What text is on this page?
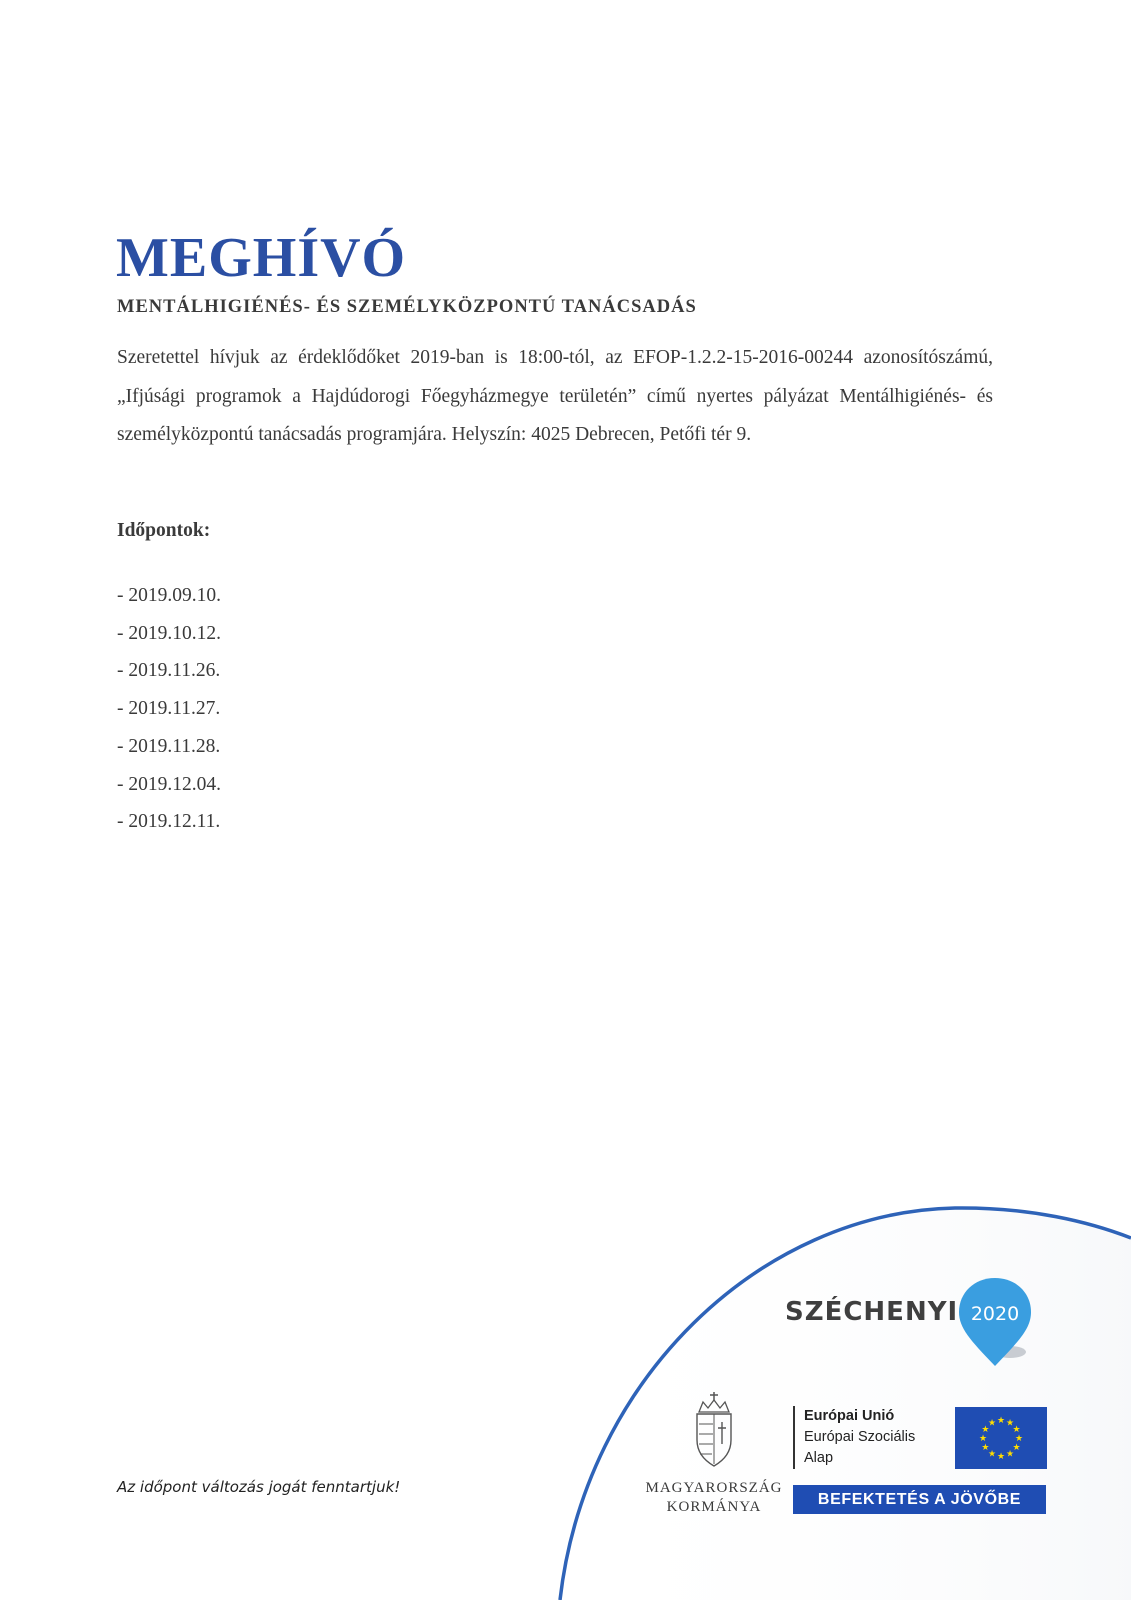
MEGHÍVÓ
MENTÁLHIGIÉNÉS- ÉS SZEMÉLYKÖZPONTÚ TANÁCSADÁS

Szeretettel hívjuk az érdeklődőket 2019-ban is 18:00-tól, az EFOP-1.2.2-15-2016-00244 azonosítószámú, „Ifjúsági programok a Hajdúdorogi Főegyházmegye területén” című nyertes pályázat Mentálhigiénés- és személyközpontú tanácsadás programjára. Helyszín: 4025 Debrecen, Petőfi tér 9.

Időpontok:

- 2019.09.10.
- 2019.10.12.
- 2019.11.26.
- 2019.11.27.
- 2019.11.28.
- 2019.12.04.
- 2019.12.11.

Az időpont változás jogát fenntartjuk!

SZÉCHENYI 2020
MAGYARORSZÁG
KORMÁNYA
Európai Unió
Európai Szociális
Alap
★ ★
★
★
★
★
★
★
★
★
★
★
BEFEKTETÉS A JÖVŐBE
